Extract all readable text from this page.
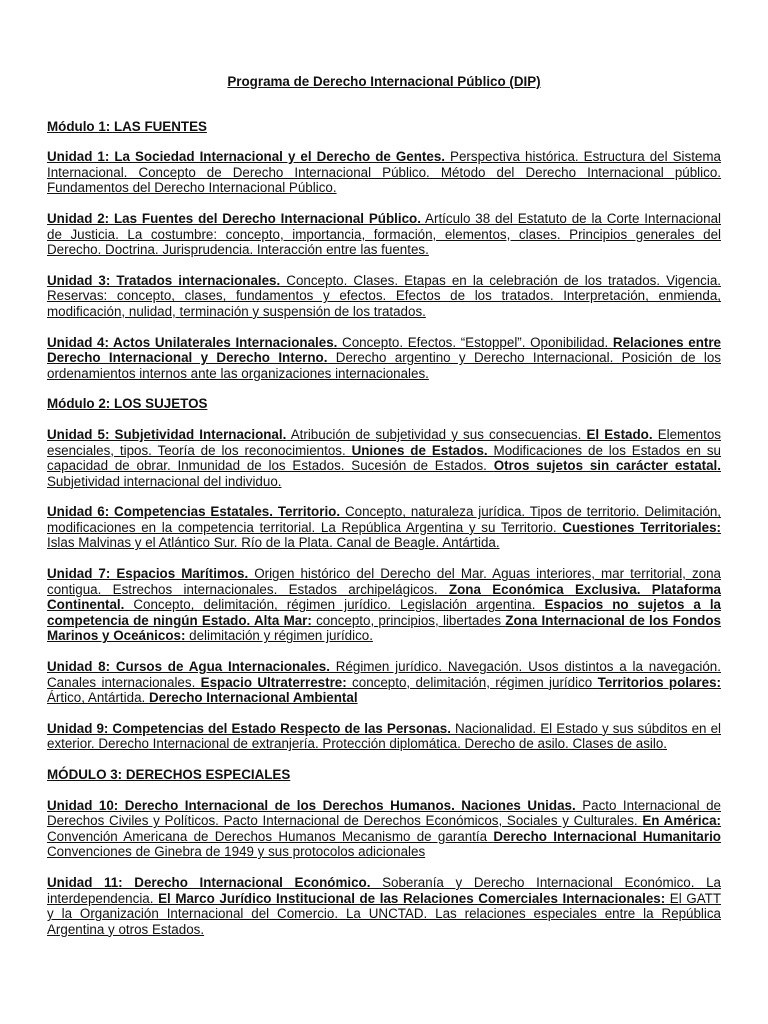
Programa de Derecho Internacional Público (DIP)
Módulo 1: LAS FUENTES

Unidad 1: La Sociedad Internacional y el Derecho de Gentes. Perspectiva histórica. Estructura del Sistema Internacional. Concepto de Derecho Internacional Público. Método del Derecho Internacional público. Fundamentos del Derecho Internacional Público.

Unidad 2: Las Fuentes del Derecho Internacional Público. Artículo 38 del Estatuto de la Corte Internacional de Justicia. La costumbre: concepto, importancia, formación, elementos, clases. Principios generales del Derecho. Doctrina. Jurisprudencia. Interacción entre las fuentes.

Unidad 3: Tratados internacionales. Concepto. Clases. Etapas en la celebración de los tratados. Vigencia. Reservas: concepto, clases, fundamentos y efectos. Efectos de los tratados. Interpretación, enmienda, modificación, nulidad, terminación y suspensión de los tratados.

Unidad 4: Actos Unilaterales Internacionales. Concepto. Efectos. “Estoppel”. Oponibilidad. Relaciones entre Derecho Internacional y Derecho Interno. Derecho argentino y Derecho Internacional. Posición de los ordenamientos internos ante las organizaciones internacionales.

Módulo 2: LOS SUJETOS

Unidad 5: Subjetividad Internacional. Atribución de subjetividad y sus consecuencias. El Estado. Elementos esenciales, tipos. Teoría de los reconocimientos. Uniones de Estados. Modificaciones de los Estados en su capacidad de obrar. Inmunidad de los Estados. Sucesión de Estados. Otros sujetos sin carácter estatal. Subjetividad internacional del individuo.

Unidad 6: Competencias Estatales. Territorio. Concepto, naturaleza jurídica. Tipos de territorio. Delimitación, modificaciones en la competencia territorial. La República Argentina y su Territorio. Cuestiones Territoriales: Islas Malvinas y el Atlántico Sur. Río de la Plata. Canal de Beagle. Antártida.

Unidad 7: Espacios Marítimos. Origen histórico del Derecho del Mar. Aguas interiores, mar territorial, zona contigua. Estrechos internacionales. Estados archipelágicos. Zona Económica Exclusiva. Plataforma Continental. Concepto, delimitación, régimen jurídico. Legislación argentina. Espacios no sujetos a la competencia de ningún Estado. Alta Mar: concepto, principios, libertades Zona Internacional de los Fondos Marinos y Oceánicos: delimitación y régimen jurídico.

Unidad 8: Cursos de Agua Internacionales. Régimen jurídico. Navegación. Usos distintos a la navegación. Canales internacionales. Espacio Ultraterrestre: concepto, delimitación, régimen jurídico Territorios polares: Ártico, Antártida. Derecho Internacional Ambiental

Unidad 9: Competencias del Estado Respecto de las Personas. Nacionalidad. El Estado y sus súbditos en el exterior. Derecho Internacional de extranjería. Protección diplomática. Derecho de asilo. Clases de asilo.

MÓDULO 3: DERECHOS ESPECIALES

Unidad 10: Derecho Internacional de los Derechos Humanos. Naciones Unidas. Pacto Internacional de Derechos Civiles y Políticos. Pacto Internacional de Derechos Económicos, Sociales y Culturales. En América: Convención Americana de Derechos Humanos Mecanismo de garantía Derecho Internacional Humanitario Convenciones de Ginebra de 1949 y sus protocolos adicionales

Unidad 11: Derecho Internacional Económico. Soberanía y Derecho Internacional Económico. La interdependencia. El Marco Jurídico Institucional de las Relaciones Comerciales Internacionales: El GATT y la Organización Internacional del Comercio. La UNCTAD. Las relaciones especiales entre la República Argentina y otros Estados.
